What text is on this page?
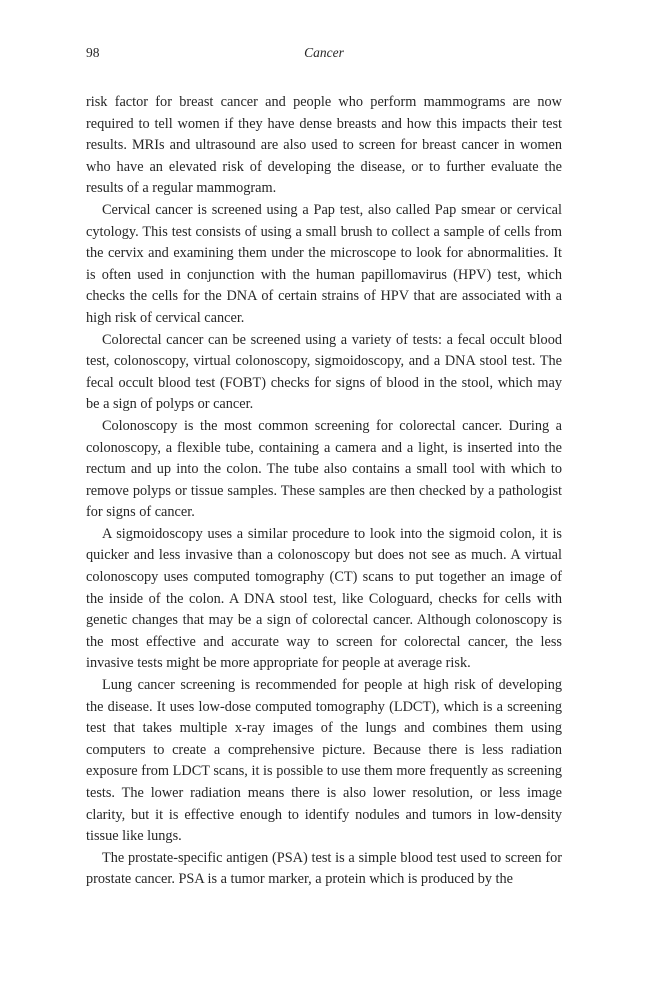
98	Cancer

risk factor for breast cancer and people who perform mammograms are now required to tell women if they have dense breasts and how this impacts their test results. MRIs and ultrasound are also used to screen for breast cancer in women who have an elevated risk of developing the disease, or to further evaluate the results of a regular mammogram.

Cervical cancer is screened using a Pap test, also called Pap smear or cervical cytology. This test consists of using a small brush to collect a sample of cells from the cervix and examining them under the microscope to look for abnormalities. It is often used in conjunction with the human papillomavirus (HPV) test, which checks the cells for the DNA of certain strains of HPV that are associated with a high risk of cervical cancer.

Colorectal cancer can be screened using a variety of tests: a fecal occult blood test, colonoscopy, virtual colonoscopy, sigmoidoscopy, and a DNA stool test. The fecal occult blood test (FOBT) checks for signs of blood in the stool, which may be a sign of polyps or cancer.

Colonoscopy is the most common screening for colorectal cancer. During a colonoscopy, a flexible tube, containing a camera and a light, is inserted into the rectum and up into the colon. The tube also contains a small tool with which to remove polyps or tissue samples. These samples are then checked by a pathologist for signs of cancer.

A sigmoidoscopy uses a similar procedure to look into the sigmoid colon, it is quicker and less invasive than a colonoscopy but does not see as much. A virtual colonoscopy uses computed tomography (CT) scans to put together an image of the inside of the colon. A DNA stool test, like Cologuard, checks for cells with genetic changes that may be a sign of colorectal cancer. Although colonoscopy is the most effective and accurate way to screen for colorectal cancer, the less invasive tests might be more appropriate for people at average risk.

Lung cancer screening is recommended for people at high risk of developing the disease. It uses low-dose computed tomography (LDCT), which is a screening test that takes multiple x-ray images of the lungs and combines them using computers to create a comprehensive picture. Because there is less radiation exposure from LDCT scans, it is possible to use them more frequently as screening tests. The lower radiation means there is also lower resolution, or less image clarity, but it is effective enough to identify nodules and tumors in low-density tissue like lungs.

The prostate-specific antigen (PSA) test is a simple blood test used to screen for prostate cancer. PSA is a tumor marker, a protein which is produced by the
